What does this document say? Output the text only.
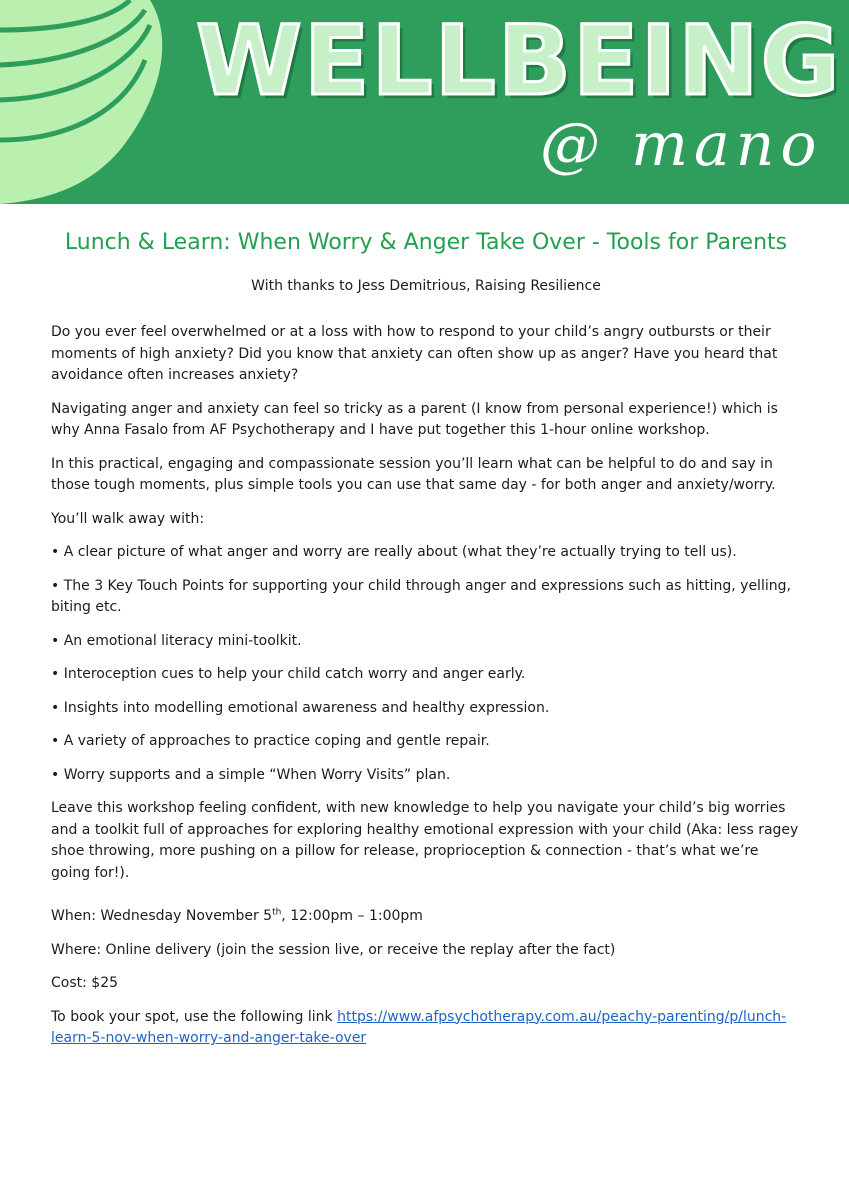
WELLBEING
@ mano
Lunch & Learn: When Worry & Anger Take Over - Tools for Parents
With thanks to Jess Demitrious, Raising Resilience

Do you ever feel overwhelmed or at a loss with how to respond to your child’s angry outbursts or their moments of high anxiety? Did you know that anxiety can often show up as anger? Have you heard that avoidance often increases anxiety?

Navigating anger and anxiety can feel so tricky as a parent (I know from personal experience!) which is why Anna Fasalo from AF Psychotherapy and I have put together this 1-hour online workshop.

In this practical, engaging and compassionate session you’ll learn what can be helpful to do and say in those tough moments, plus simple tools you can use that same day - for both anger and anxiety/worry.

You’ll walk away with:

• A clear picture of what anger and worry are really about (what they’re actually trying to tell us).

• The 3 Key Touch Points for supporting your child through anger and expressions such as hitting, yelling, biting etc.

• An emotional literacy mini-toolkit.

• Interoception cues to help your child catch worry and anger early.

• Insights into modelling emotional awareness and healthy expression.

• A variety of approaches to practice coping and gentle repair.

• Worry supports and a simple “When Worry Visits” plan.

Leave this workshop feeling confident, with new knowledge to help you navigate your child’s big worries and a toolkit full of approaches for exploring healthy emotional expression with your child (Aka: less ragey shoe throwing, more pushing on a pillow for release, proprioception & connection - that’s what we’re going for!).

When: Wednesday November 5th, 12:00pm – 1:00pm

Where: Online delivery (join the session live, or receive the replay after the fact)

Cost: $25

To book your spot, use the following link https://www.afpsychotherapy.com.au/peachy-parenting/p/lunch-learn-5-nov-when-worry-and-anger-take-over
